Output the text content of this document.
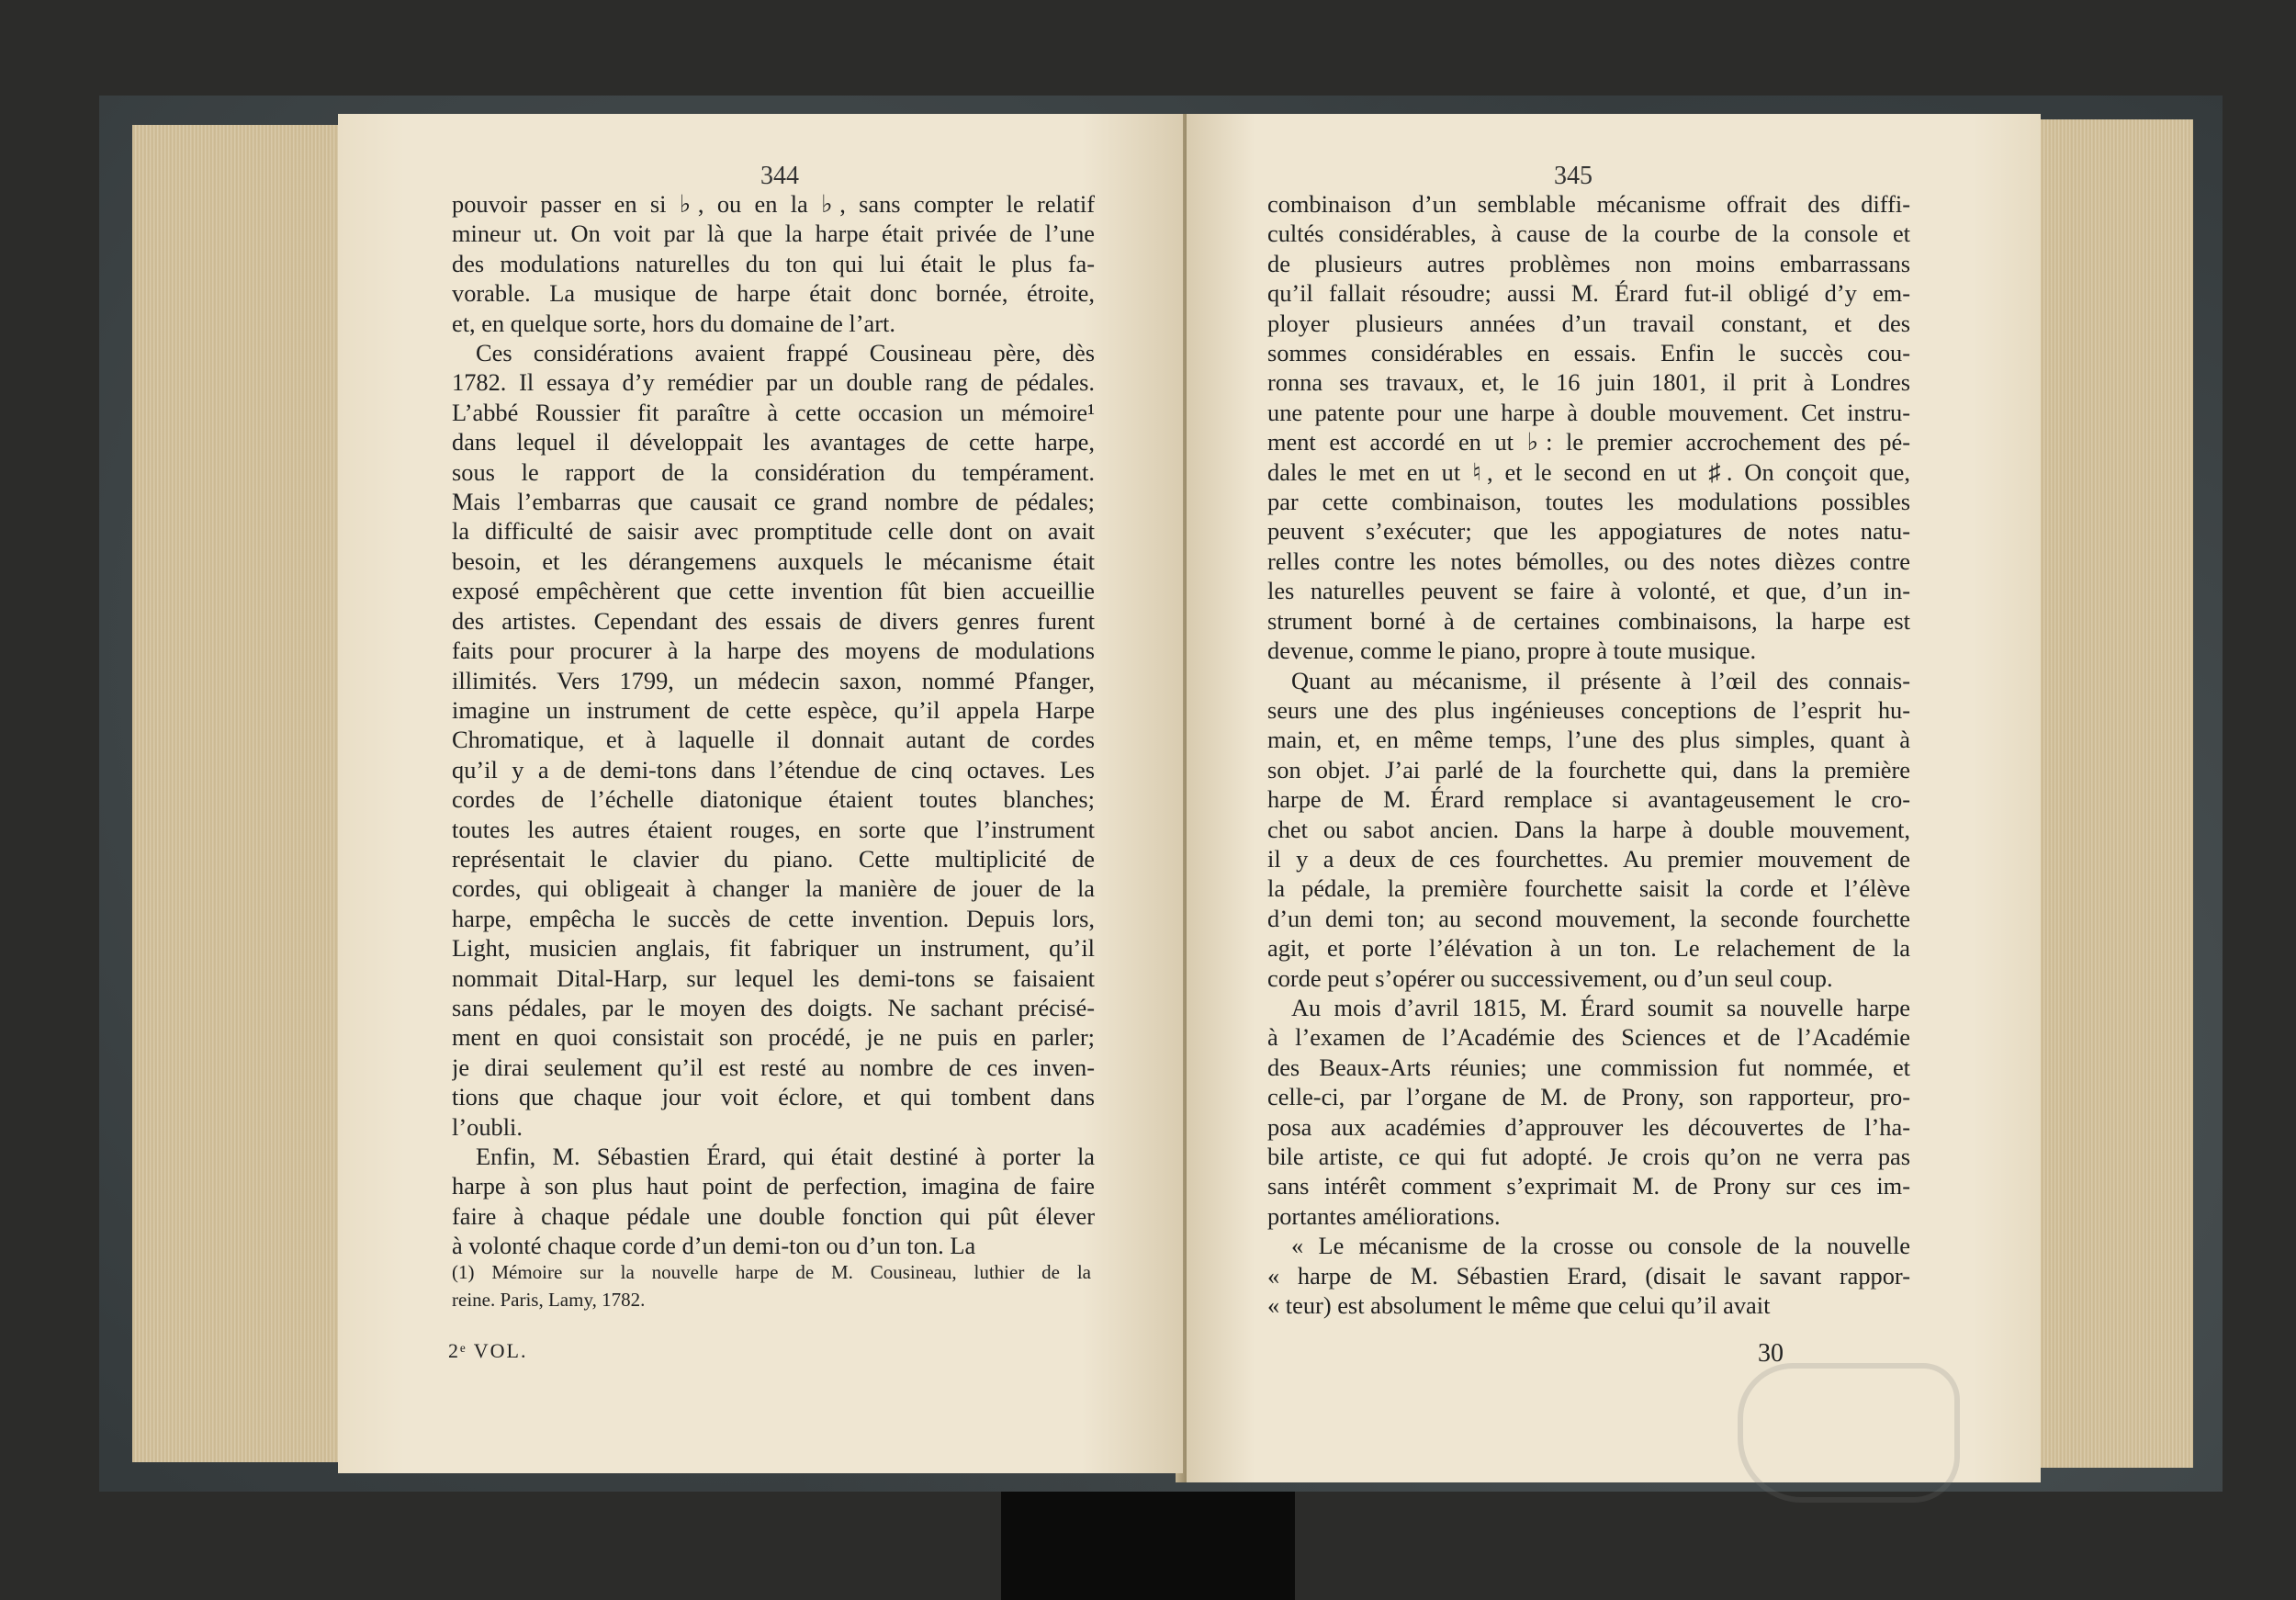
344
pouvoir passer en si ♭, ou en la ♭, sans compter le relatif
mineur ut. On voit par là que la harpe était privée de l’une
des modulations naturelles du ton qui lui était le plus fa-
vorable. La musique de harpe était donc bornée, étroite,
et, en quelque sorte, hors du domaine de l’art.
Ces considérations avaient frappé Cousineau père, dès
1782. Il essaya d’y remédier par un double rang de pédales.
L’abbé Roussier fit paraître à cette occasion un mémoire¹
dans lequel il développait les avantages de cette harpe,
sous le rapport de la considération du tempérament.
Mais l’embarras que causait ce grand nombre de pédales;
la difficulté de saisir avec promptitude celle dont on avait
besoin, et les dérangemens auxquels le mécanisme était
exposé empêchèrent que cette invention fût bien accueillie
des artistes. Cependant des essais de divers genres furent
faits pour procurer à la harpe des moyens de modulations
illimités. Vers 1799, un médecin saxon, nommé Pfanger,
imagine un instrument de cette espèce, qu’il appela Harpe
Chromatique, et à laquelle il donnait autant de cordes
qu’il y a de demi-tons dans l’étendue de cinq octaves. Les
cordes de l’échelle diatonique étaient toutes blanches;
toutes les autres étaient rouges, en sorte que l’instrument
représentait le clavier du piano. Cette multiplicité de
cordes, qui obligeait à changer la manière de jouer de la
harpe, empêcha le succès de cette invention. Depuis lors,
Light, musicien anglais, fit fabriquer un instrument, qu’il
nommait Dital-Harp, sur lequel les demi-tons se faisaient
sans pédales, par le moyen des doigts. Ne sachant précisé-
ment en quoi consistait son procédé, je ne puis en parler;
je dirai seulement qu’il est resté au nombre de ces inven-
tions que chaque jour voit éclore, et qui tombent dans
l’oubli.
Enfin, M. Sébastien Érard, qui était destiné à porter la
harpe à son plus haut point de perfection, imagina de faire
faire à chaque pédale une double fonction qui pût élever
à volonté chaque corde d’un demi-ton ou d’un ton. La
(1) Mémoire sur la nouvelle harpe de M. Cousineau, luthier de la
reine. Paris, Lamy, 1782.
2ᵉ VOL.
345
combinaison d’un semblable mécanisme offrait des diffi-
cultés considérables, à cause de la courbe de la console et
de plusieurs autres problèmes non moins embarrassans
qu’il fallait résoudre; aussi M. Érard fut-il obligé d’y em-
ployer plusieurs années d’un travail constant, et des
sommes considérables en essais. Enfin le succès cou-
ronna ses travaux, et, le 16 juin 1801, il prit à Londres
une patente pour une harpe à double mouvement. Cet instru-
ment est accordé en ut ♭: le premier accrochement des pé-
dales le met en ut ♮, et le second en ut ♯. On conçoit que,
par cette combinaison, toutes les modulations possibles
peuvent s’exécuter; que les appogiatures de notes natu-
relles contre les notes bémolles, ou des notes dièzes contre
les naturelles peuvent se faire à volonté, et que, d’un in-
strument borné à de certaines combinaisons, la harpe est
devenue, comme le piano, propre à toute musique.
Quant au mécanisme, il présente à l’œil des connais-
seurs une des plus ingénieuses conceptions de l’esprit hu-
main, et, en même temps, l’une des plus simples, quant à
son objet. J’ai parlé de la fourchette qui, dans la première
harpe de M. Érard remplace si avantageusement le cro-
chet ou sabot ancien. Dans la harpe à double mouvement,
il y a deux de ces fourchettes. Au premier mouvement de
la pédale, la première fourchette saisit la corde et l’élève
d’un demi ton; au second mouvement, la seconde fourchette
agit, et porte l’élévation à un ton. Le relachement de la
corde peut s’opérer ou successivement, ou d’un seul coup.
Au mois d’avril 1815, M. Érard soumit sa nouvelle harpe
à l’examen de l’Académie des Sciences et de l’Académie
des Beaux-Arts réunies; une commission fut nommée, et
celle-ci, par l’organe de M. de Prony, son rapporteur, pro-
posa aux académies d’approuver les découvertes de l’ha-
bile artiste, ce qui fut adopté. Je crois qu’on ne verra pas
sans intérêt comment s’exprimait M. de Prony sur ces im-
portantes améliorations.
« Le mécanisme de la crosse ou console de la nouvelle
« harpe de M. Sébastien Erard, (disait le savant rappor-
« teur) est absolument le même que celui qu’il avait
30
